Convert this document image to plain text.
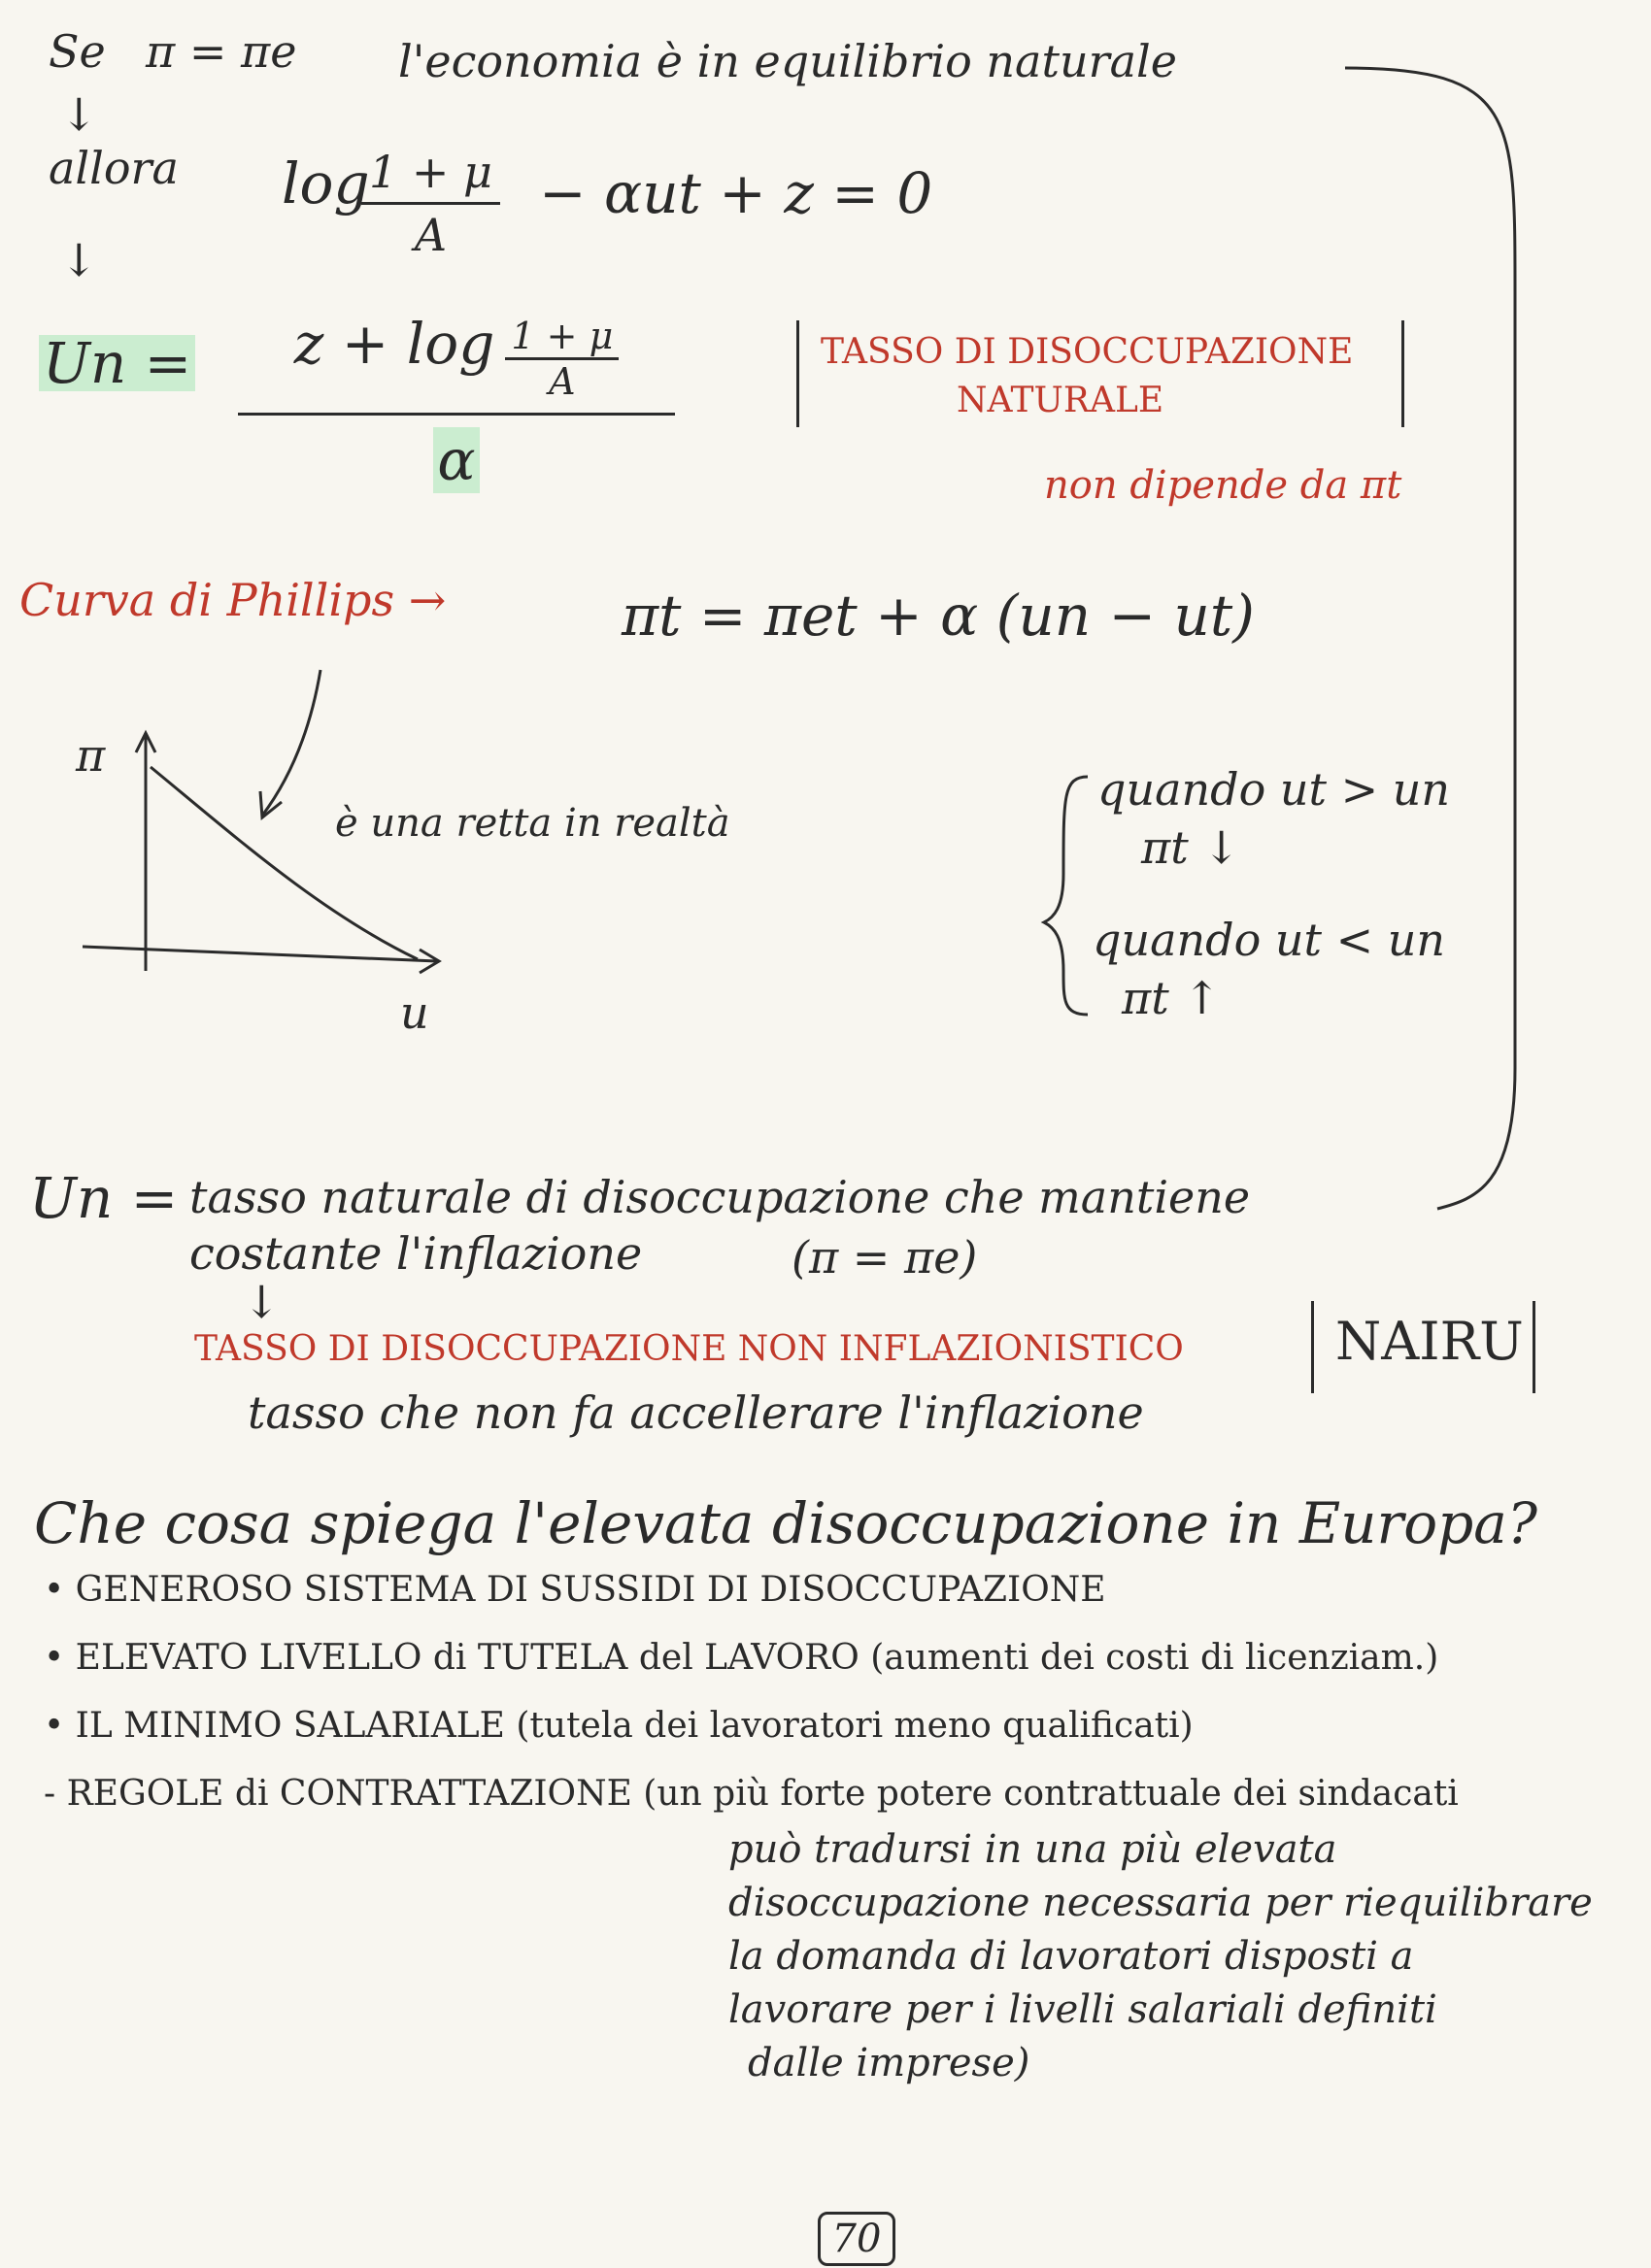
Se π = πe l'economia è in equilibrio naturale
↓
allora log
$\frac{1 + \mu}{A} - \alpha ut + z = 0$
↓
Un =	$z + \log \frac{1 + \mu}{A}$
α
TASSO DI DISOCCUPAZIONE
NATURALE
non dipende da πt
Curva di Phillips →	πt = πet + α (un − ut)
π
u
è una retta in realtà
quando ut > un
πt ↓
quando ut < un
πt ↑
Un = tasso naturale di disoccupazione che mantiene
costante l'inflazione	(π = πe)
↓
TASSO DI DISOCCUPAZIONE NON INFLAZIONISTICO	NAIRU
tasso che non fa accellerare l'inflazione
Che cosa spiega l'elevata disoccupazione in Europa?
• GENEROSO SISTEMA DI SUSSIDI DI DISOCCUPAZIONE
• ELEVATO LIVELLO di TUTELA del LAVORO (aumenti dei costi di licenziam.)
• IL MINIMO SALARIALE (tutela dei lavoratori meno qualificati)
- REGOLE di CONTRATTAZIONE (un più forte potere contrattuale dei sindacati
può tradursi in una più elevata
disoccupazione necessaria per riequilibrare
la domanda di lavoratori disposti a
lavorare per i livelli salariali definiti
dalle imprese)
70
